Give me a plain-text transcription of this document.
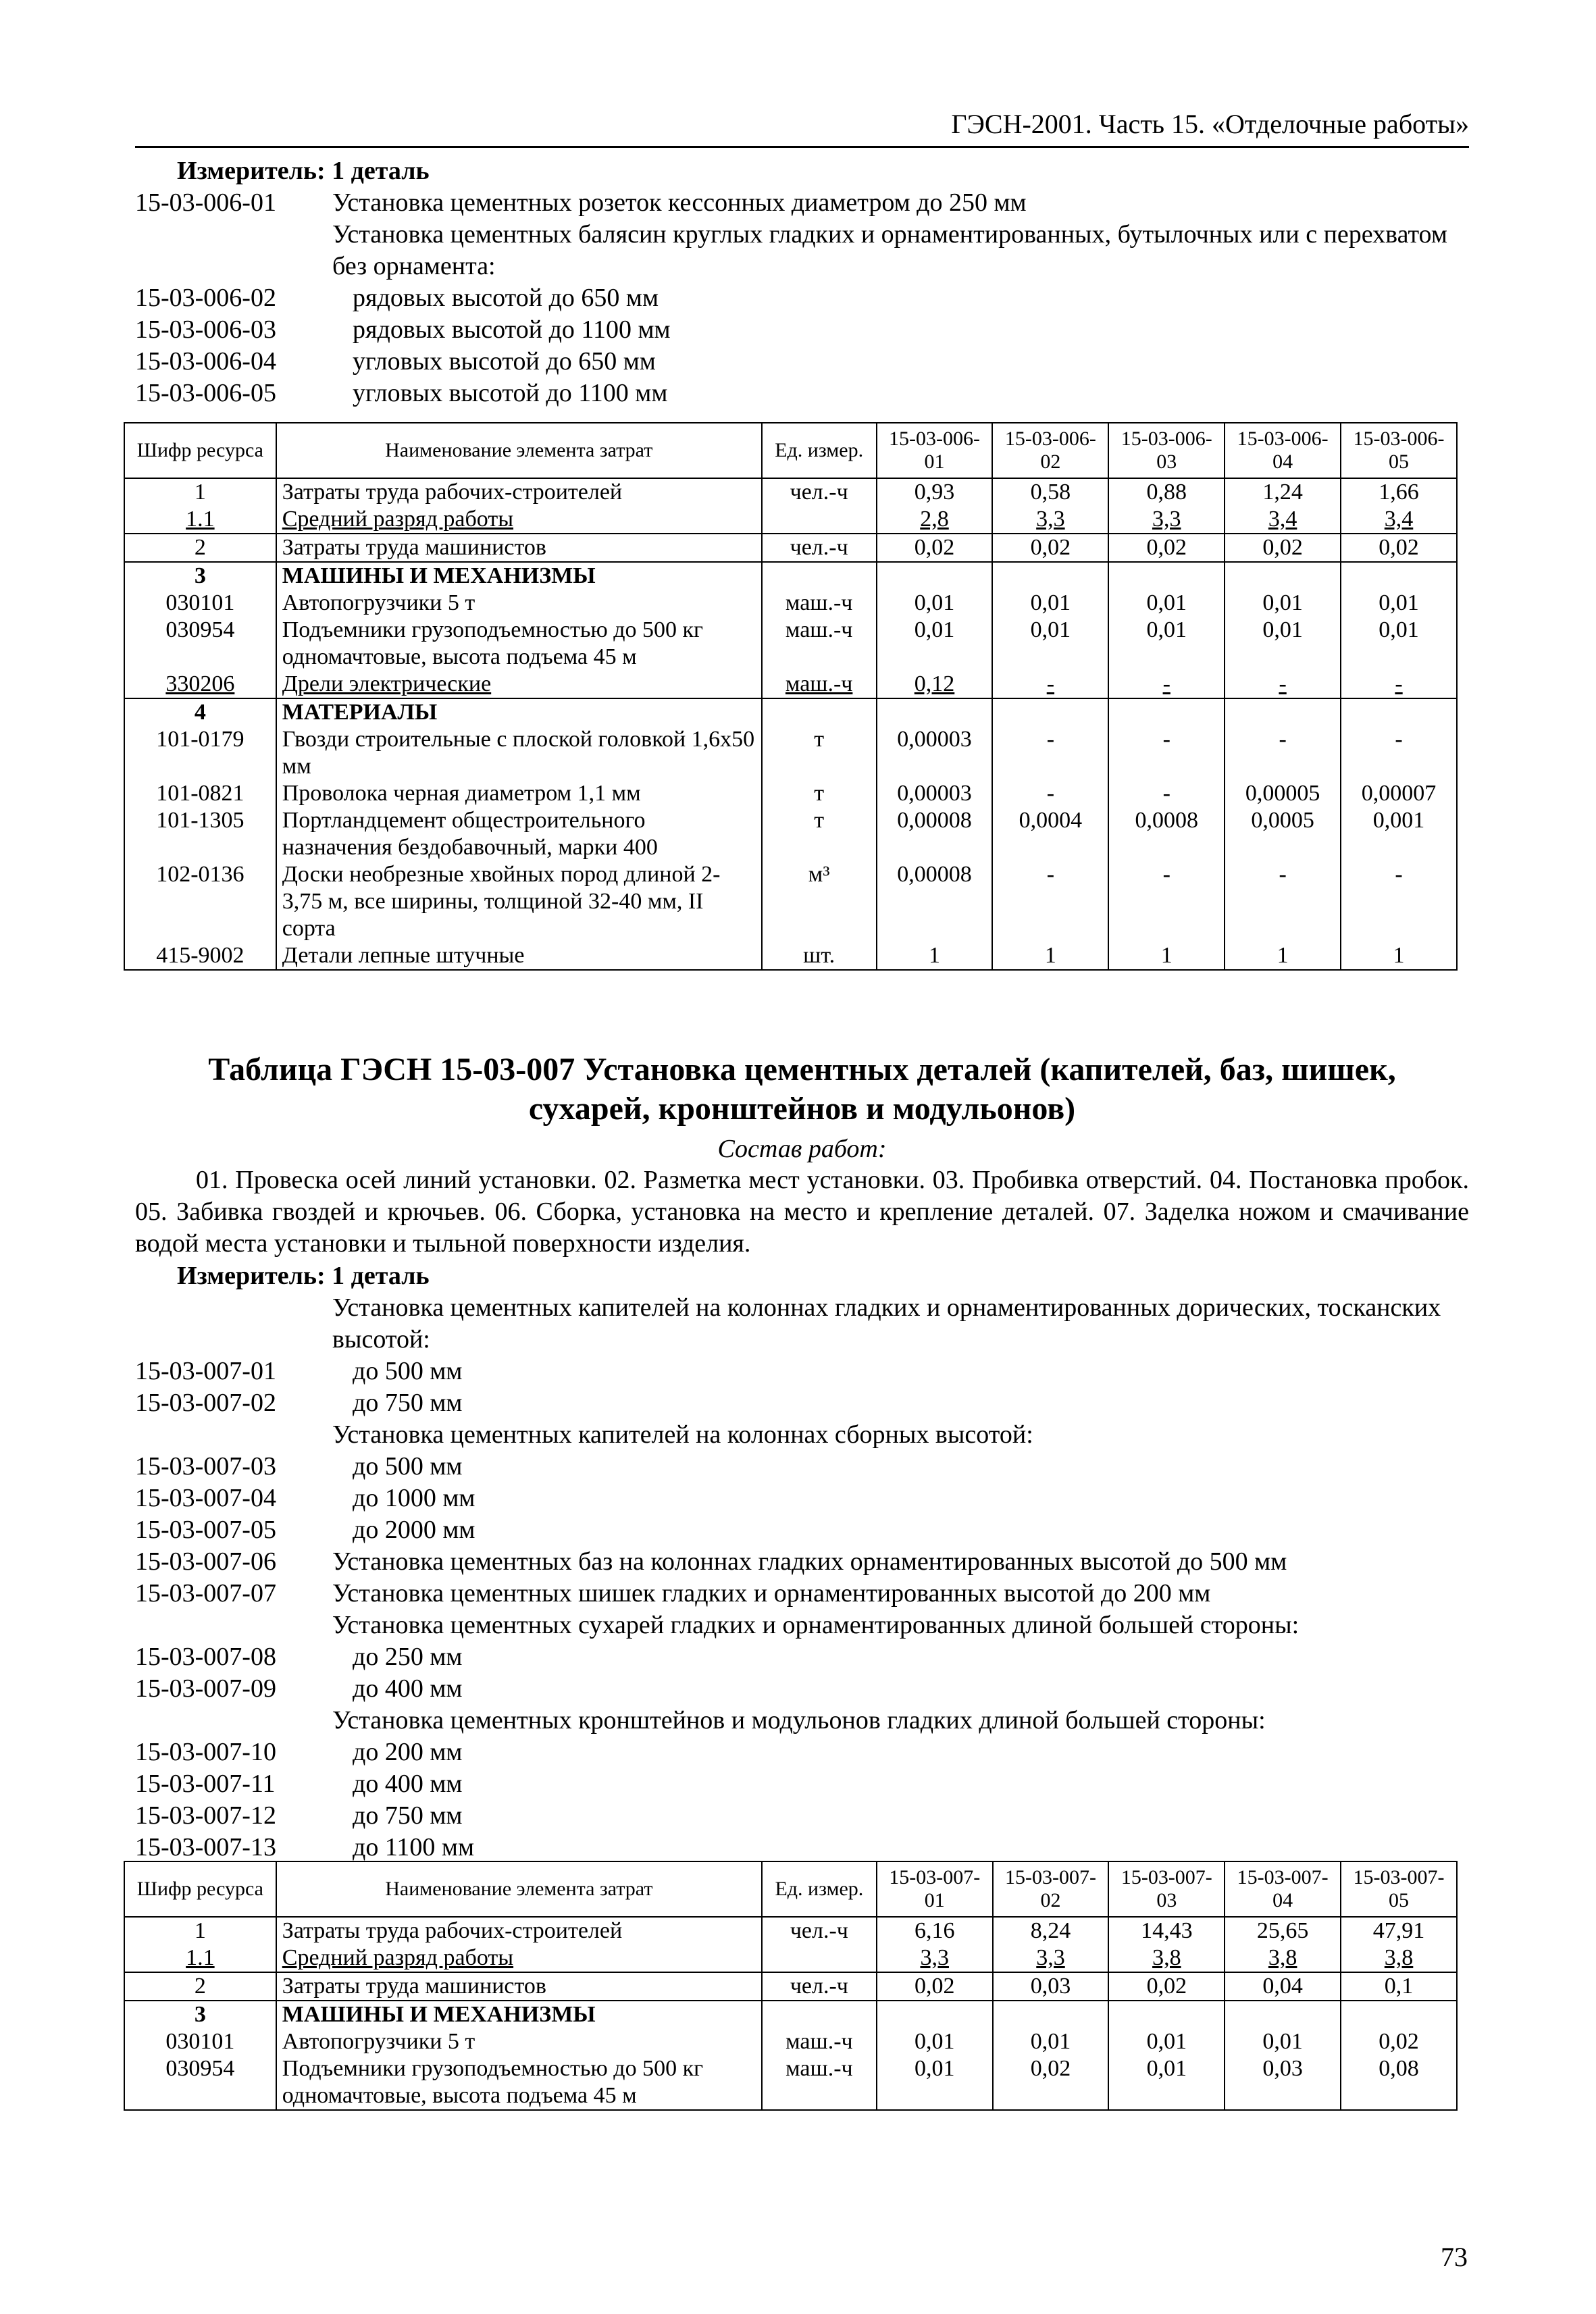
ГЭСН-2001. Часть 15. «Отделочные работы»
Измеритель: 1 деталь
15-03-006-01	Установка цементных розеток кессонных диаметром до 250 мм
Установка цементных балясин круглых гладких и орнаментированных, бутылочных или с перехватом без орнамента:
15-03-006-02	рядовых высотой до 650 мм
15-03-006-03	рядовых высотой до 1100 мм
15-03-006-04	угловых высотой до 650 мм
15-03-006-05	угловых высотой до 1100 мм
Шифр ресурса	Наименование элемента затрат	Ед. измер.	15-03-006-01	15-03-006-02	15-03-006-03	15-03-006-04	15-03-006-05
1	Затраты труда рабочих-строителей	чел.-ч	0,93	0,58	0,88	1,24	1,66
1.1	Средний разряд работы		2,8	3,3	3,3	3,4	3,4
2	Затраты труда машинистов	чел.-ч	0,02	0,02	0,02	0,02	0,02
3	МАШИНЫ И МЕХАНИЗМЫ						
030101	Автопогрузчики 5 т	маш.-ч	0,01	0,01	0,01	0,01	0,01
030954	Подъемники грузоподъемностью до 500 кг одномачтовые, высота подъема 45 м	маш.-ч	0,01	0,01	0,01	0,01	0,01
330206	Дрели электрические	маш.-ч	0,12	-	-	-	-
4	МАТЕРИАЛЫ						
101-0179	Гвозди строительные с плоской головкой 1,6х50 мм	т	0,00003	-	-	-	-
101-0821	Проволока черная диаметром 1,1 мм	т	0,00003	-	-	0,00005	0,00007
101-1305	Портландцемент общестроительного назначения бездобавочный, марки 400	т	0,00008	0,0004	0,0008	0,0005	0,001
102-0136	Доски необрезные хвойных пород длиной 2-3,75 м, все ширины, толщиной 32-40 мм, II сорта	м³	0,00008	-	-	-	-
415-9002	Детали лепные штучные	шт.	1	1	1	1	1
Таблица ГЭСН 15-03-007 Установка цементных деталей (капителей, баз, шишек,
сухарей, кронштейнов и модульонов)
Состав работ:
01. Провеска осей линий установки. 02. Разметка мест установки. 03. Пробивка отверстий. 04. Постановка пробок. 05. Забивка гвоздей и крючьев. 06. Сборка, установка на место и крепление деталей. 07. Заделка ножом и смачивание водой места установки и тыльной поверхности изделия.
Измеритель: 1 деталь
Установка цементных капителей на колоннах гладких и орнаментированных дорических, тосканских высотой:
15-03-007-01	до 500 мм
15-03-007-02	до 750 мм
Установка цементных капителей на колоннах сборных высотой:
15-03-007-03	до 500 мм
15-03-007-04	до 1000 мм
15-03-007-05	до 2000 мм
15-03-007-06	Установка цементных баз на колоннах гладких орнаментированных высотой до 500 мм
15-03-007-07	Установка цементных шишек гладких и орнаментированных высотой до 200 мм
Установка цементных сухарей гладких и орнаментированных длиной большей стороны:
15-03-007-08	до 250 мм
15-03-007-09	до 400 мм
Установка цементных кронштейнов и модульонов гладких длиной большей стороны:
15-03-007-10	до 200 мм
15-03-007-11	до 400 мм
15-03-007-12	до 750 мм
15-03-007-13	до 1100 мм
Шифр ресурса	Наименование элемента затрат	Ед. измер.	15-03-007-01	15-03-007-02	15-03-007-03	15-03-007-04	15-03-007-05
1	Затраты труда рабочих-строителей	чел.-ч	6,16	8,24	14,43	25,65	47,91
1.1	Средний разряд работы		3,3	3,3	3,8	3,8	3,8
2	Затраты труда машинистов	чел.-ч	0,02	0,03	0,02	0,04	0,1
3	МАШИНЫ И МЕХАНИЗМЫ						
030101	Автопогрузчики 5 т	маш.-ч	0,01	0,01	0,01	0,01	0,02
030954	Подъемники грузоподъемностью до 500 кг одномачтовые, высота подъема 45 м	маш.-ч	0,01	0,02	0,01	0,03	0,08
73
